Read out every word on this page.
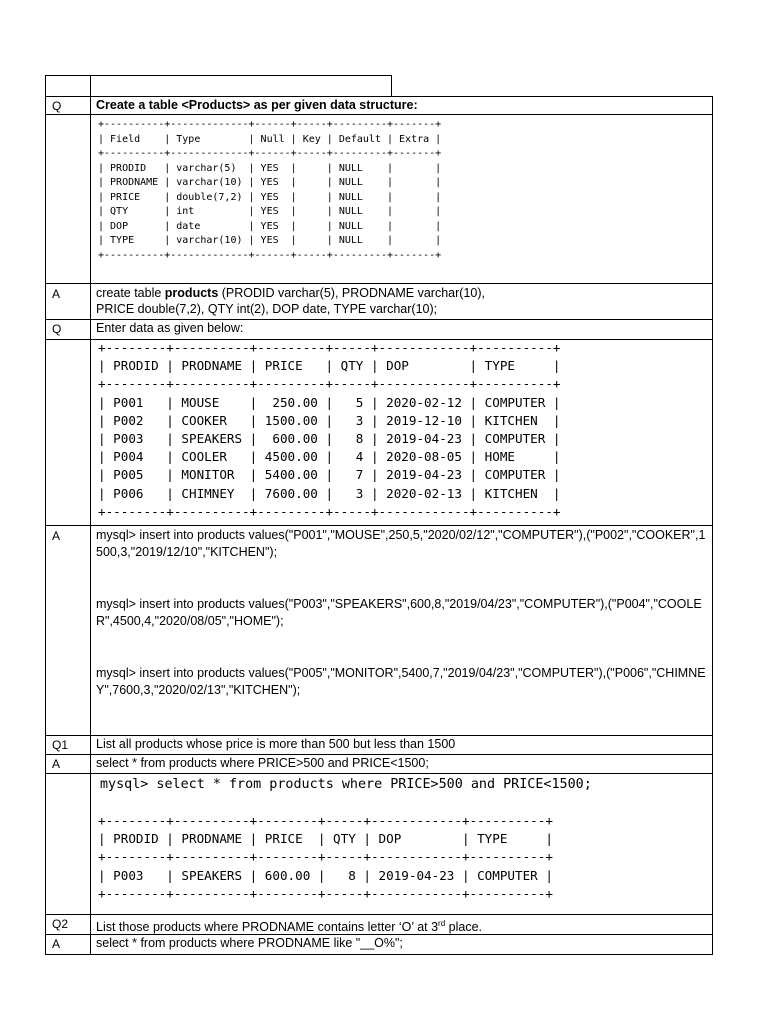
Q	Create a table <Products> as per given data structure:
+----------+-------------+------+-----+---------+-------+
| Field    | Type        | Null | Key | Default | Extra |
+----------+-------------+------+-----+---------+-------+
| PRODID   | varchar(5)  | YES  |     | NULL    |       |
| PRODNAME | varchar(10) | YES  |     | NULL    |       |
| PRICE    | double(7,2) | YES  |     | NULL    |       |
| QTY      | int         | YES  |     | NULL    |       |
| DOP      | date        | YES  |     | NULL    |       |
| TYPE     | varchar(10) | YES  |     | NULL    |       |
+----------+-------------+------+-----+---------+-------+
A	create table products (PRODID varchar(5), PRODNAME varchar(10),
PRICE double(7,2), QTY int(2), DOP date, TYPE varchar(10);
Q	Enter data as given below:
+--------+----------+---------+-----+------------+----------+
| PRODID | PRODNAME | PRICE   | QTY | DOP        | TYPE     |
+--------+----------+---------+-----+------------+----------+
| P001   | MOUSE    |  250.00 |   5 | 2020-02-12 | COMPUTER |
| P002   | COOKER   | 1500.00 |   3 | 2019-12-10 | KITCHEN  |
| P003   | SPEAKERS |  600.00 |   8 | 2019-04-23 | COMPUTER |
| P004   | COOLER   | 4500.00 |   4 | 2020-08-05 | HOME     |
| P005   | MONITOR  | 5400.00 |   7 | 2019-04-23 | COMPUTER |
| P006   | CHIMNEY  | 7600.00 |   3 | 2020-02-13 | KITCHEN  |
+--------+----------+---------+-----+------------+----------+
A	mysql> insert into products values("P001","MOUSE",250,5,"2020/02/12","COMPUTER"),("P002","COOKER",1500,3,"2019/12/10","KITCHEN");
mysql> insert into products values("P003","SPEAKERS",600,8,"2019/04/23","COMPUTER"),("P004","COOLER",4500,4,"2020/08/05","HOME");
mysql> insert into products values("P005","MONITOR",5400,7,"2019/04/23","COMPUTER"),("P006","CHIMNEY",7600,3,"2020/02/13","KITCHEN");
Q1 List all products whose price is more than 500 but less than 1500
A	select * from products where PRICE>500 and PRICE<1500;
mysql> select * from products where PRICE>500 and PRICE<1500;
+--------+----------+--------+-----+------------+----------+
| PRODID | PRODNAME | PRICE  | QTY | DOP        | TYPE     |
+--------+----------+--------+-----+------------+----------+
| P003   | SPEAKERS | 600.00 |   8 | 2019-04-23 | COMPUTER |
+--------+----------+--------+-----+------------+----------+
Q2 List those products where PRODNAME contains letter ‘O’ at 3rd place.
A	select * from products where PRODNAME like "__O%";
